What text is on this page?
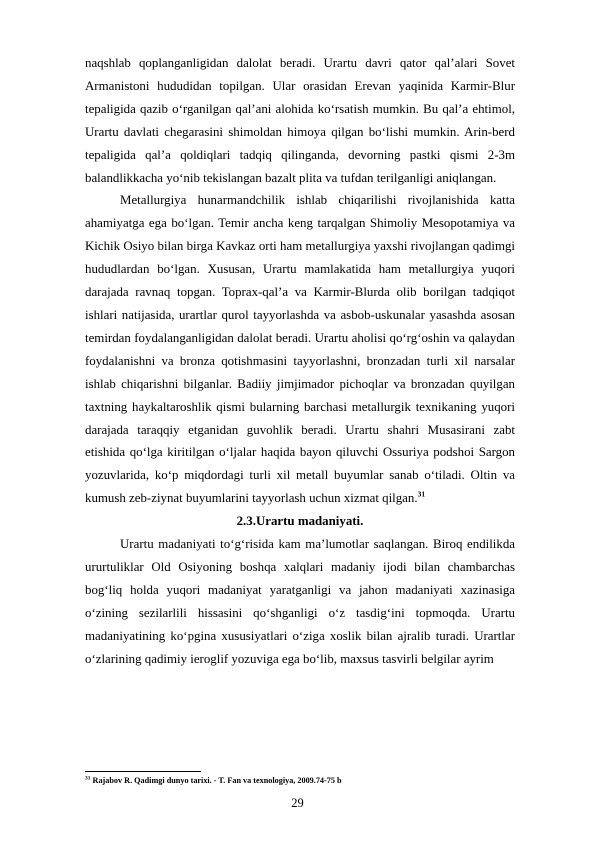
naqshlab qoplanganligidan dalolat beradi. Urartu davri qator qal’alari Sovet Armanistoni hududidan topilgan. Ular orasidan Erevan yaqinida Karmir-Blur tepaligida qazib o‘rganilgan qal’ani alohida ko‘rsatish mumkin. Bu qal’a ehtimol, Urartu davlati chegarasini shimoldan himoya qilgan bo‘lishi mumkin. Arin-berd tepaligida qal’a qoldiqlari tadqiq qilinganda, devorning pastki qismi 2-3m balandlikkacha yo‘nib tekislangan bazalt plita va tufdan terilganligi aniqlangan.

Metallurgiya hunarmandchilik ishlab chiqarilishi rivojlanishida katta ahamiyatga ega bo‘lgan. Temir ancha keng tarqalgan Shimoliy Mesopotamiya va Kichik Osiyo bilan birga Kavkaz orti ham metallurgiya yaxshi rivojlangan qadimgi hududlardan bo‘lgan. Xususan, Urartu mamlakatida ham metallurgiya yuqori darajada ravnaq topgan. Toprax-qal’a va Karmir-Blurda olib borilgan tadqiqot ishlari natijasida, urartlar qurol tayyorlashda va asbob-uskunalar yasashda asosan temirdan foydalanganligidan dalolat beradi. Urartu aholisi qo‘rg‘oshin va qalaydan foydalanishni va bronza qotishmasini tayyorlashni, bronzadan turli xil narsalar ishlab chiqarishni bilganlar. Badiiy jimjimador pichoqlar va bronzadan quyilgan taxtning haykaltaroshlik qismi bularning barchasi metallurgik texnikaning yuqori darajada taraqqiy etganidan guvohlik beradi. Urartu shahri Musasirani zabt etishida qo‘lga kiritilgan o‘ljalar haqida bayon qiluvchi Ossuriya podshoi Sargon yozuvlarida, ko‘p miqdordagi turli xil metall buyumlar sanab o‘tiladi. Oltin va kumush zeb-ziynat buyumlarini tayyorlash uchun xizmat qilgan.$^{31}$

2.3.Urartu madaniyati.

Urartu madaniyati to‘g‘risida kam ma’lumotlar saqlangan. Biroq endilikda ururtuliklar Old Osiyoning boshqa xalqlari madaniy ijodi bilan chambarchas bog‘liq holda yuqori madaniyat yaratganligi va jahon madaniyati xazinasiga o‘zining sezilarlili hissasini qo‘shganligi o‘z tasdig‘ini topmoqda. Urartu madaniyatining ko‘pgina xususiyatlari o‘ziga xoslik bilan ajralib turadi. Urartlar o‘zlarining qadimiy ieroglif yozuviga ega bo‘lib, maxsus tasvirli belgilar ayrim

$^{31}$ Rajabov R. Qadimgi dunyo tarixi. - T. Fan va texnologiya, 2009.74-75 b
29
